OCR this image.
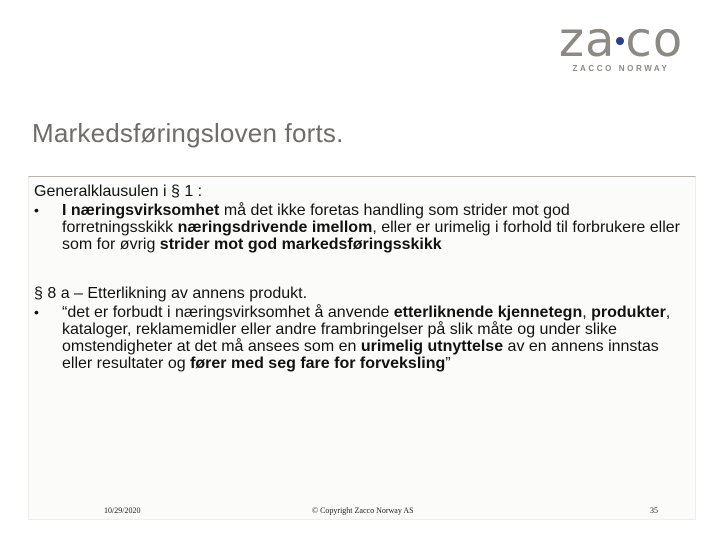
za co
ZACCO NORWAY
Markedsføringsloven forts.
Generalklausulen i § 1 :
• I næringsvirksomhet må det ikke foretas handling som strider mot god forretningsskikk næringsdrivende imellom, eller er urimelig i forhold til forbrukere eller som for øvrig strider mot god markedsføringsskikk
§ 8 a – Etterlikning av annens produkt.
• “det er forbudt i næringsvirksomhet å anvende etterliknende kjennetegn, produkter, kataloger, reklamemidler eller andre frambringelser på slik måte og under slike omstendigheter at det må ansees som en urimelig utnyttelse av en annens innstas eller resultater og fører med seg fare for forveksling”
10/29/2020	© Copyright Zacco Norway AS	35
